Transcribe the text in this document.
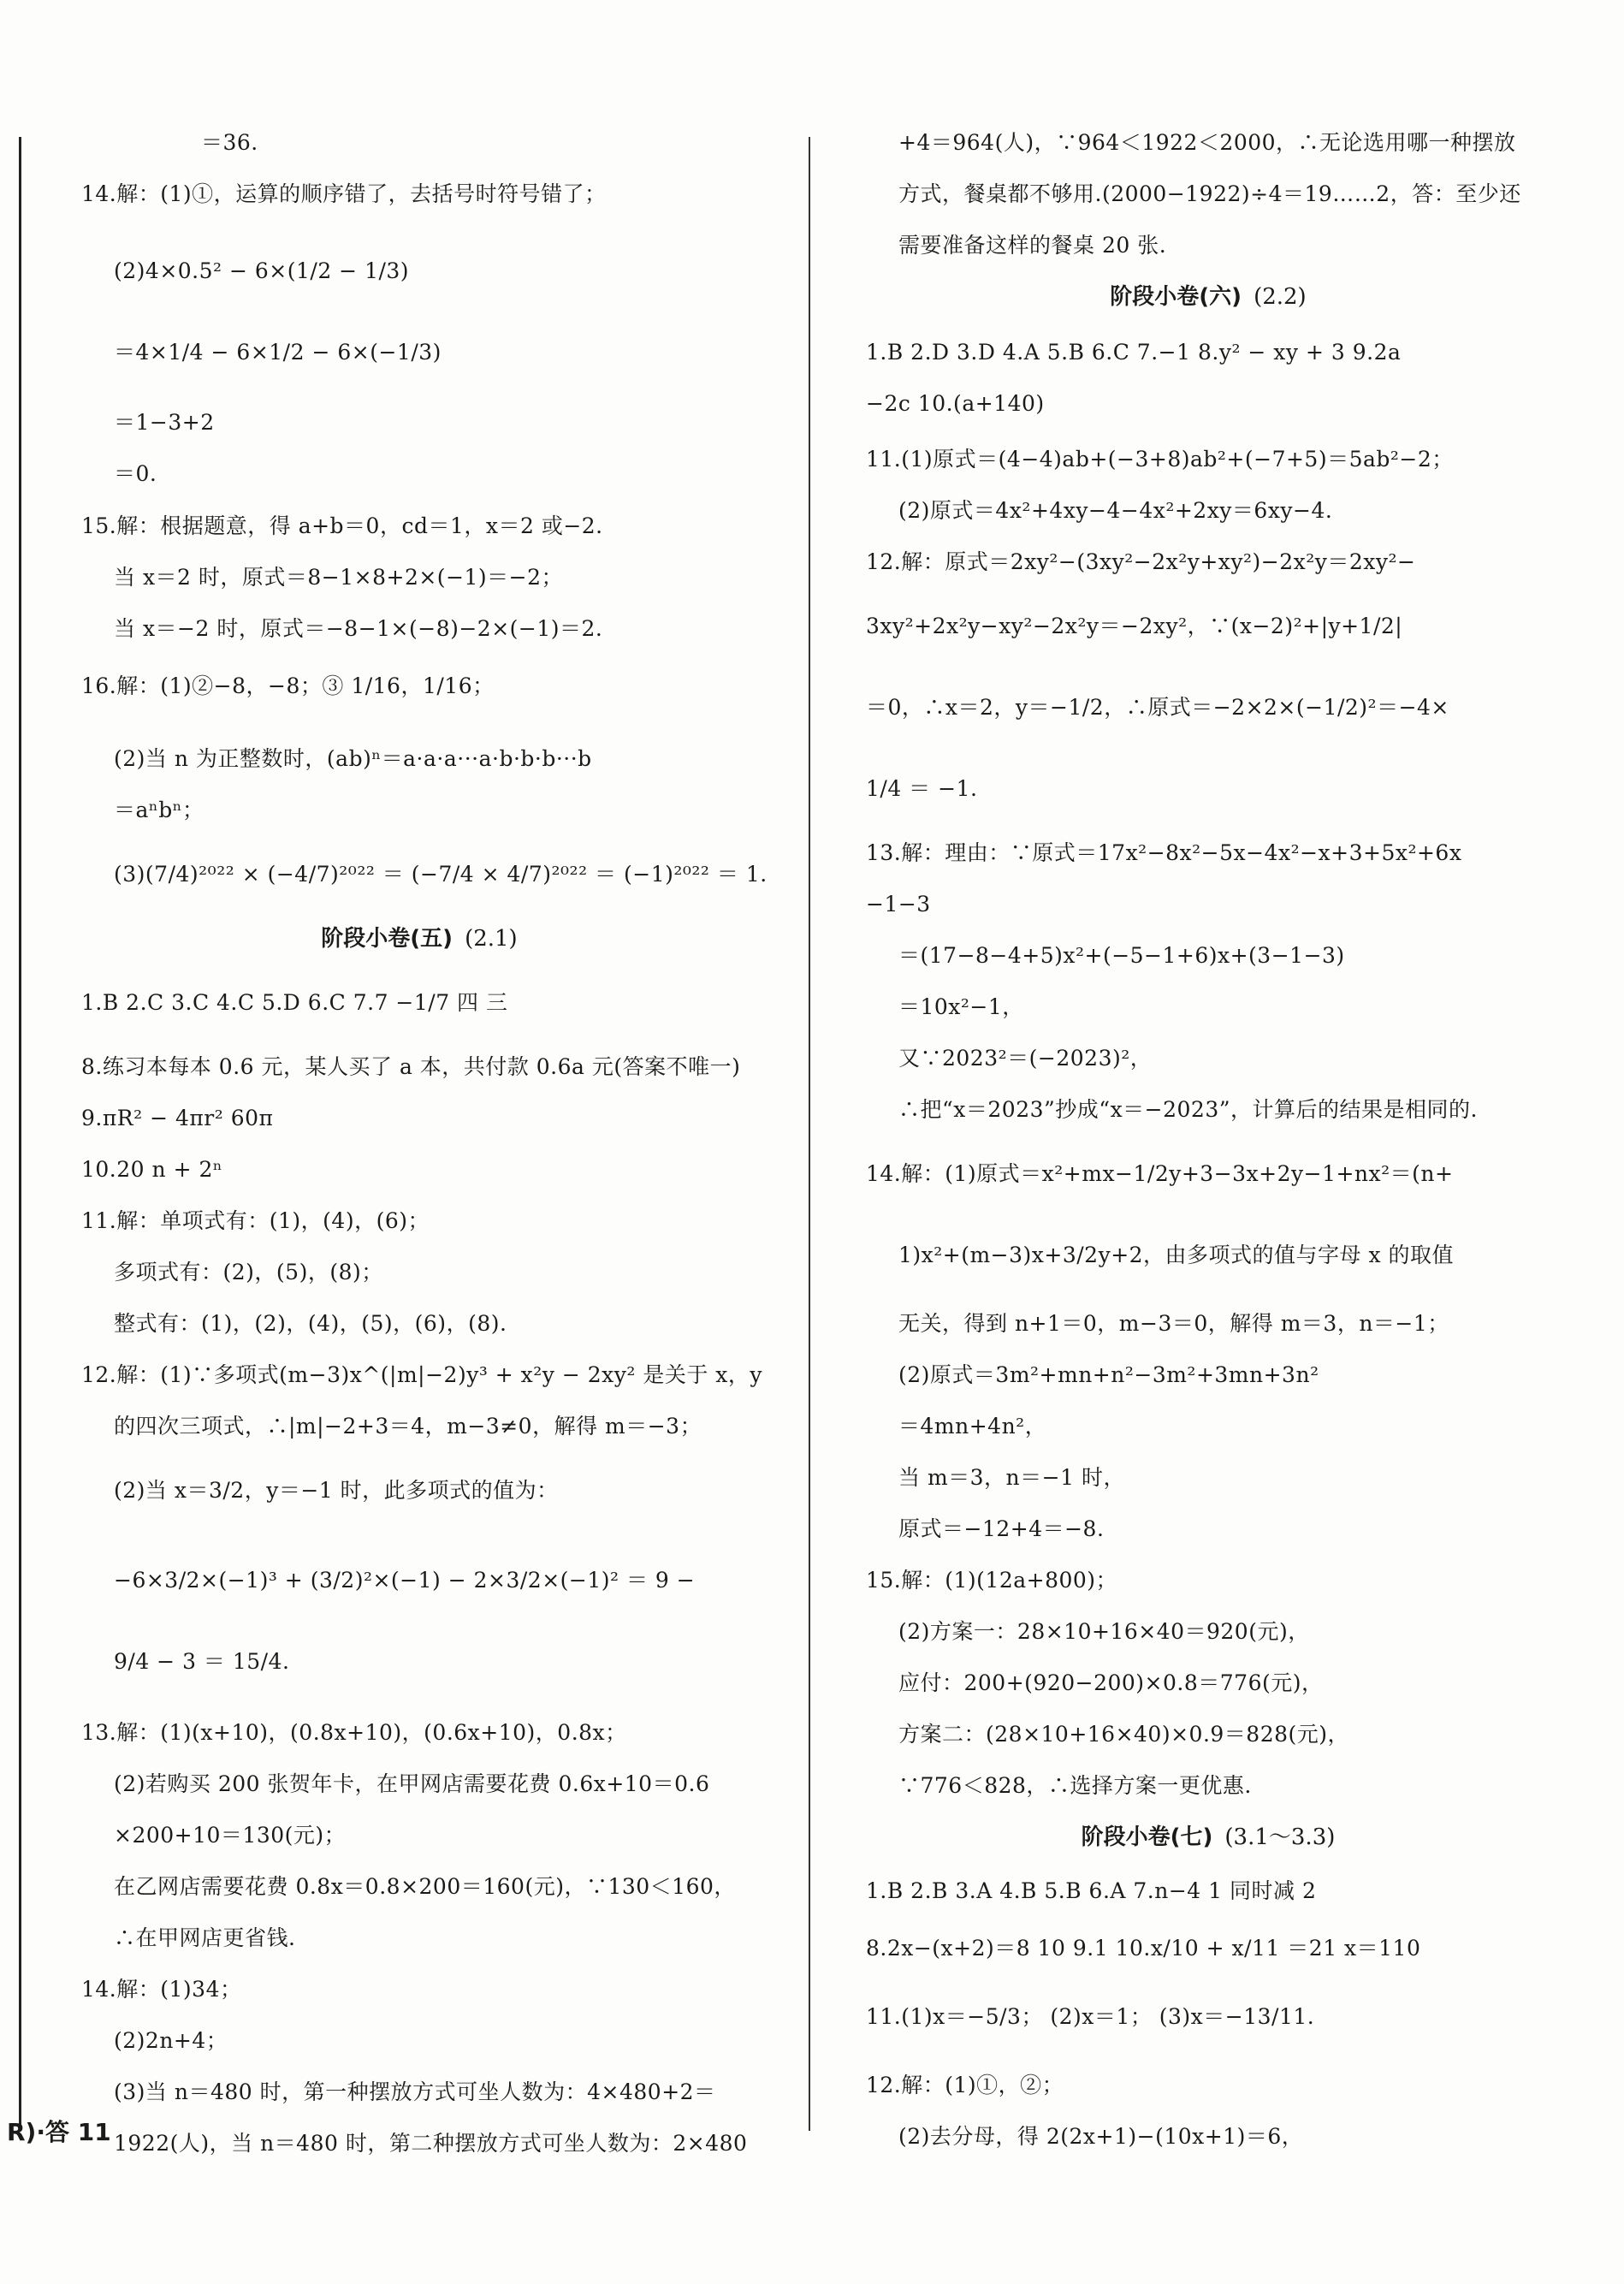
阶段小卷(五) (2.1)
＝36.
14.解：(1)①，运算的顺序错了，去括号时符号错了；
(2)4×0.5² − 6×(1/2 − 1/3)
＝4×1/4 − 6×1/2 − 6×(−1/3)
＝1−3+2
＝0.
15.解：根据题意，得 a+b＝0，cd＝1，x＝2 或−2.
当 x＝2 时，原式＝8−1×8+2×(−1)＝−2；
当 x＝−2 时，原式＝−8−1×(−8)−2×(−1)＝2.
16.解：(1)②−8，−8；③ 1/16，1/16；
(2)当 n 为正整数时，(ab)ⁿ＝a·a·a···a·b·b·b···b
＝aⁿbⁿ；
(3)(7/4)²⁰²² × (−4/7)²⁰²² ＝ (−7/4 × 4/7)²⁰²² ＝ (−1)²⁰²² ＝ 1.
1.B 2.C 3.C 4.C 5.D 6.C 7.7 −1/7 四 三
8.练习本每本 0.6 元，某人买了 a 本，共付款 0.6a 元(答案不唯一)
9.πR² − 4πr² 60π
10.20 n + 2ⁿ
11.解：单项式有：(1)，(4)，(6)；
多项式有：(2)，(5)，(8)；
整式有：(1)，(2)，(4)，(5)，(6)，(8).
12.解：(1)∵多项式(m−3)x^(|m|−2)y³ + x²y − 2xy² 是关于 x，y
的四次三项式，∴|m|−2+3＝4，m−3≠0，解得 m＝−3；
(2)当 x＝3/2，y＝−1 时，此多项式的值为：
−6×3/2×(−1)³ + (3/2)²×(−1) − 2×3/2×(−1)² ＝ 9 −
9/4 − 3 ＝ 15/4.
13.解：(1)(x+10)，(0.8x+10)，(0.6x+10)，0.8x；
(2)若购买 200 张贺年卡，在甲网店需要花费 0.6x+10＝0.6
×200+10＝130(元)；
在乙网店需要花费 0.8x＝0.8×200＝160(元)，∵130＜160，
∴在甲网店更省钱.
14.解：(1)34；
(2)2n+4；
(3)当 n＝480 时，第一种摆放方式可坐人数为：4×480+2＝
1922(人)，当 n＝480 时，第二种摆放方式可坐人数为：2×480
阶段小卷(六) (2.2)
阶段小卷(七) (3.1～3.3)
+4＝964(人)，∵964＜1922＜2000，∴无论选用哪一种摆放
方式，餐桌都不够用.(2000−1922)÷4＝19……2，答：至少还
需要准备这样的餐桌 20 张.
1.B 2.D 3.D 4.A 5.B 6.C 7.−1 8.y² − xy + 3 9.2a
−2c 10.(a+140)
11.(1)原式＝(4−4)ab+(−3+8)ab²+(−7+5)＝5ab²−2；
(2)原式＝4x²+4xy−4−4x²+2xy＝6xy−4.
12.解：原式＝2xy²−(3xy²−2x²y+xy²)−2x²y＝2xy²−
3xy²+2x²y−xy²−2x²y＝−2xy²，∵(x−2)²+|y+1/2|
＝0，∴x＝2，y＝−1/2，∴原式＝−2×2×(−1/2)²＝−4×
1/4 ＝ −1.
13.解：理由：∵原式＝17x²−8x²−5x−4x²−x+3+5x²+6x
−1−3
＝(17−8−4+5)x²+(−5−1+6)x+(3−1−3)
＝10x²−1，
又∵2023²＝(−2023)²，
∴把“x＝2023”抄成“x＝−2023”，计算后的结果是相同的.
14.解：(1)原式＝x²+mx−1/2y+3−3x+2y−1+nx²＝(n+
1)x²+(m−3)x+3/2y+2，由多项式的值与字母 x 的取值
无关，得到 n+1＝0，m−3＝0，解得 m＝3，n＝−1；
(2)原式＝3m²+mn+n²−3m²+3mn+3n²
＝4mn+4n²，
当 m＝3，n＝−1 时，
原式＝−12+4＝−8.
15.解：(1)(12a+800)；
(2)方案一：28×10+16×40＝920(元)，
应付：200+(920−200)×0.8＝776(元)，
方案二：(28×10+16×40)×0.9＝828(元)，
∵776＜828，∴选择方案一更优惠.
1.B 2.B 3.A 4.B 5.B 6.A 7.n−4 1 同时减 2
8.2x−(x+2)＝8 10 9.1 10.x/10 + x/11 ＝21 x＝110
11.(1)x＝−5/3； (2)x＝1； (3)x＝−13/11.
12.解：(1)①，②；
(2)去分母，得 2(2x+1)−(10x+1)＝6，
R)·答 11
